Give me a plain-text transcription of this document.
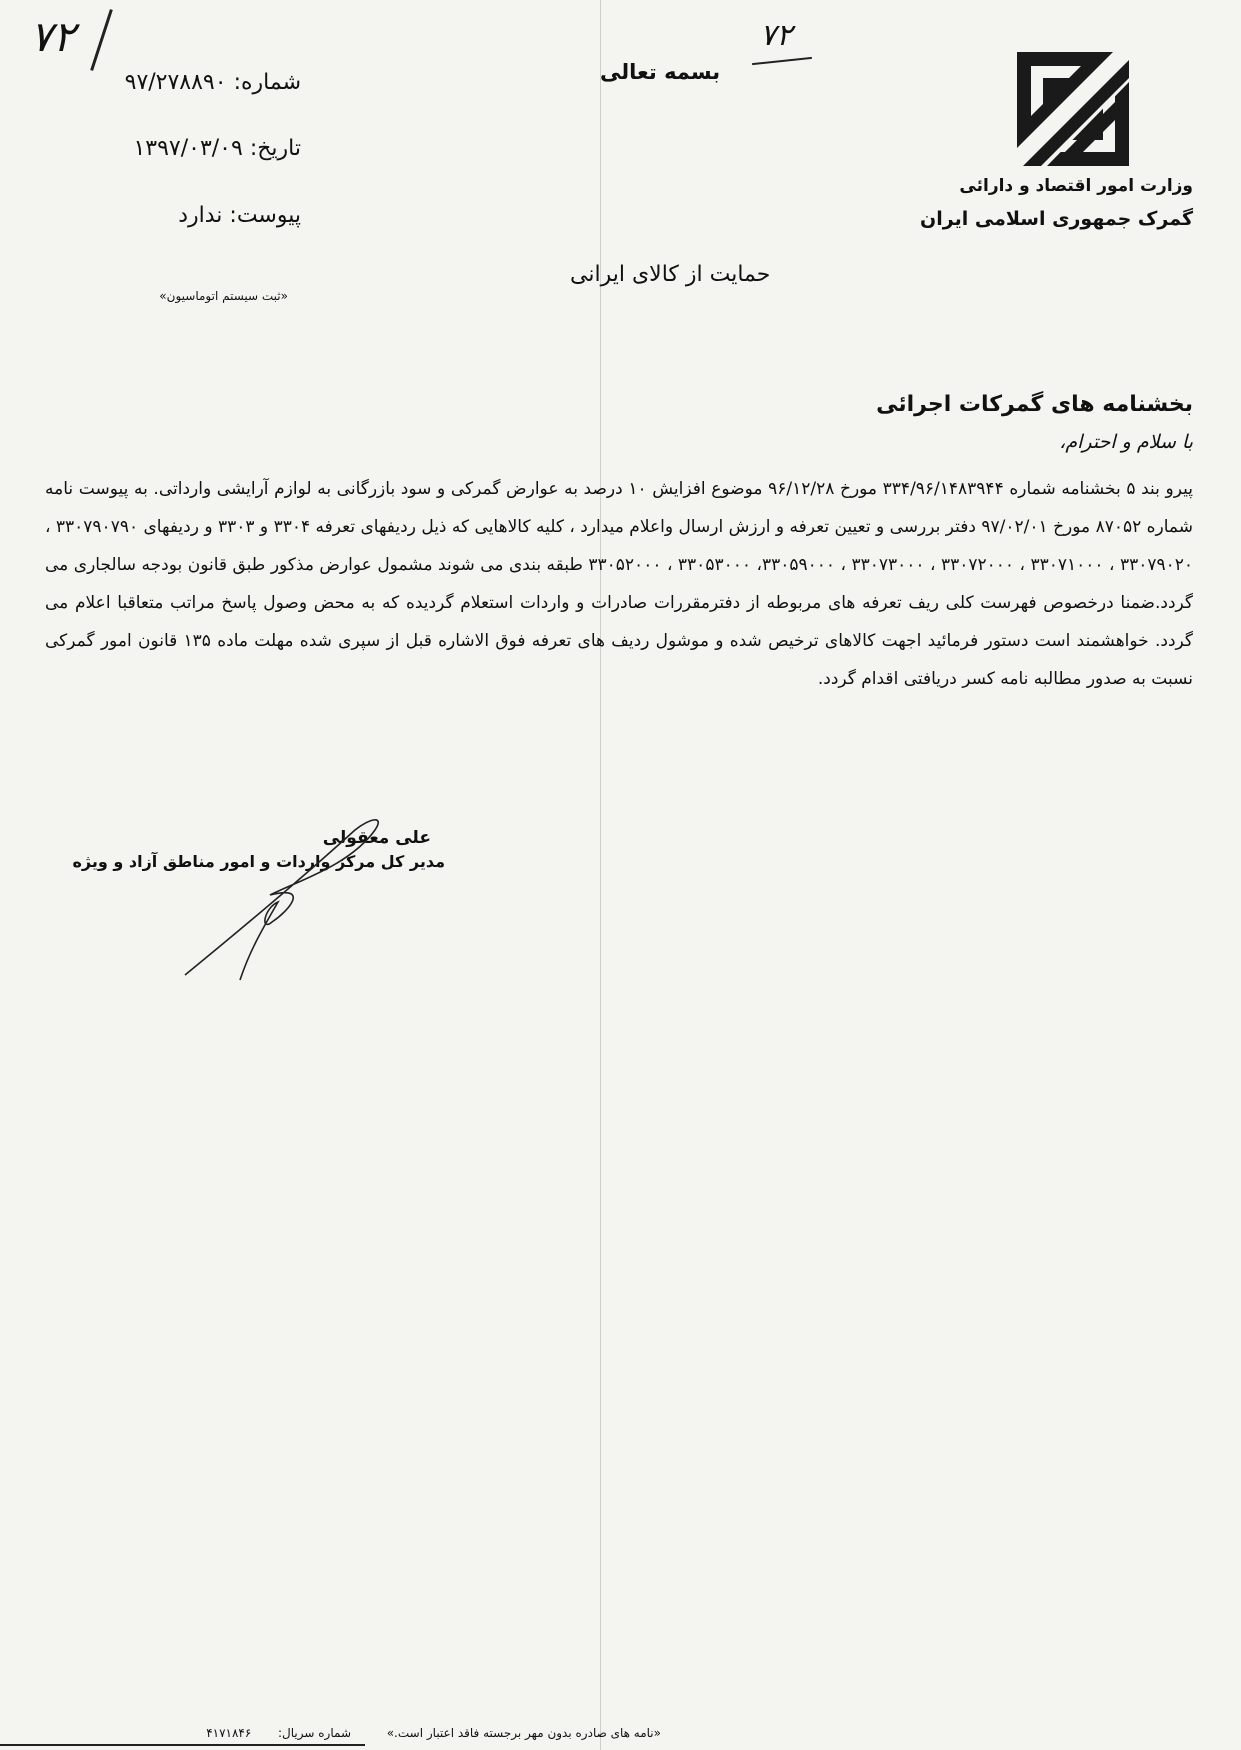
وزارت امور اقتصاد و دارائی
گمرک جمهوری اسلامی ایران
بسمه تعالی
۷۲
۷۲
شماره: ۹۷/۲۷۸۸۹۰
تاریخ: ۱۳۹۷/۰۳/۰۹
پیوست: ندارد
«ثبت سیستم اتوماسیون»
حمایت از کالای ایرانی
بخشنامه های گمرکات اجرائی
با سلام و احترام،
پیرو بند ۵ بخشنامه شماره ۳۳۴/۹۶/۱۴۸۳۹۴۴ مورخ ۹۶/۱۲/۲۸ موضوع افزایش ۱۰ درصد به عوارض گمرکی و سود بازرگانی به لوازم آرایشی وارداتی. به پیوست نامه شماره ۸۷۰۵۲ مورخ ۹۷/۰۲/۰۱ دفتر بررسی و تعیین تعرفه و ارزش ارسال واعلام میدارد ، کلیه کالاهایی که ذیل ردیفهای تعرفه ۳۳۰۴ و ۳۳۰۳ و ردیفهای ۳۳۰۷۹۰۷۹۰ ، ۳۳۰۷۹۰۲۰ ، ۳۳۰۷۱۰۰۰ ، ۳۳۰۷۲۰۰۰ ، ۳۳۰۷۳۰۰۰ ، ۳۳۰۵۹۰۰۰، ۳۳۰۵۳۰۰۰ ، ۳۳۰۵۲۰۰۰ طبقه بندی می شوند مشمول عوارض مذکور طبق قانون بودجه سالجاری می گردد.ضمنا درخصوص فهرست کلی ریف تعرفه های مربوطه از دفترمقررات صادرات و واردات استعلام گردیده که به محض وصول پاسخ مراتب متعاقبا اعلام می گردد. خواهشمند است دستور فرمائید اجهت کالاهای ترخیص شده و موشول ردیف های تعرفه فوق الاشاره قبل از سپری شده مهلت ماده ۱۳۵ قانون امور گمرکی نسبت به صدور مطالبه نامه کسر دریافتی اقدام گردد.
علی معقولی
مدیر کل مرکز واردات و امور مناطق آزاد و ویژه
«نامه های صادره بدون مهر برجسته فاقد اعتبار است.»
شماره سریال:       ۴۱۷۱۸۴۶
